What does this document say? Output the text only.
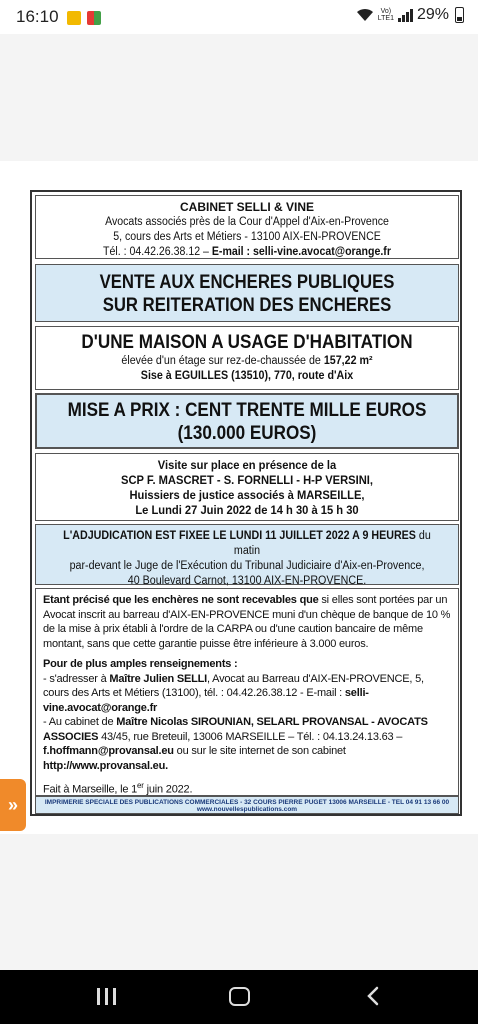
16:10	Vo)
LTE1 29%
CABINET SELLI & VINE
Avocats associés près de la Cour d'Appel d'Aix-en-Provence
5, cours des Arts et Métiers - 13100 AIX-EN-PROVENCE
Tél. : 04.42.26.38.12 – E-mail : selli-vine.avocat@orange.fr
VENTE AUX ENCHERES PUBLIQUES
SUR REITERATION DES ENCHERES
D'UNE MAISON A USAGE D'HABITATION
élevée d'un étage sur rez-de-chaussée de 157,22 m²
Sise à EGUILLES (13510), 770, route d'Aix
MISE A PRIX : CENT TRENTE MILLE EUROS
(130.000 EUROS)
Visite sur place en présence de la
SCP F. MASCRET - S. FORNELLI - H-P VERSINI,
Huissiers de justice associés à MARSEILLE,
Le Lundi 27 Juin 2022 de 14 h 30 à 15 h 30
L'ADJUDICATION EST FIXEE LE LUNDI 11 JUILLET 2022 A 9 HEURES du matin
par-devant le Juge de l'Exécution du Tribunal Judiciaire d'Aix-en-Provence,
40 Boulevard Carnot, 13100 AIX-EN-PROVENCE.

Etant précisé que les enchères ne sont recevables que si elles sont portées par un Avocat inscrit au barreau d'AIX-EN-PROVENCE muni d'un chèque de banque de 10 % de la mise à prix établi à l'ordre de la CARPA ou d'une caution bancaire de même montant, sans que cette garantie puisse être inférieure à 3.000 euros.

Pour de plus amples renseignements :

- s'adresser à Maître Julien SELLI, Avocat au Barreau d'AIX-EN-PROVENCE, 5, cours des Arts et Métiers (13100), tél. : 04.42.26.38.12 - E-mail : selli-vine.avocat@orange.fr

- Au cabinet de Maître Nicolas SIROUNIAN, SELARL PROVANSAL - AVOCATS ASSOCIES 43/45, rue Breteuil, 13006 MARSEILLE – Tél. : 04.13.24.13.63 – f.hoffmann@provansal.eu ou sur le site internet de son cabinet http://www.provansal.eu.

Fait à Marseille, le 1er juin 2022.

IMPRIMERIE SPECIALE DES PUBLICATIONS COMMERCIALES - 32 COURS PIERRE PUGET 13006 MARSEILLE - TEL 04 91 13 66 00
www.nouvellespublications.com
»
